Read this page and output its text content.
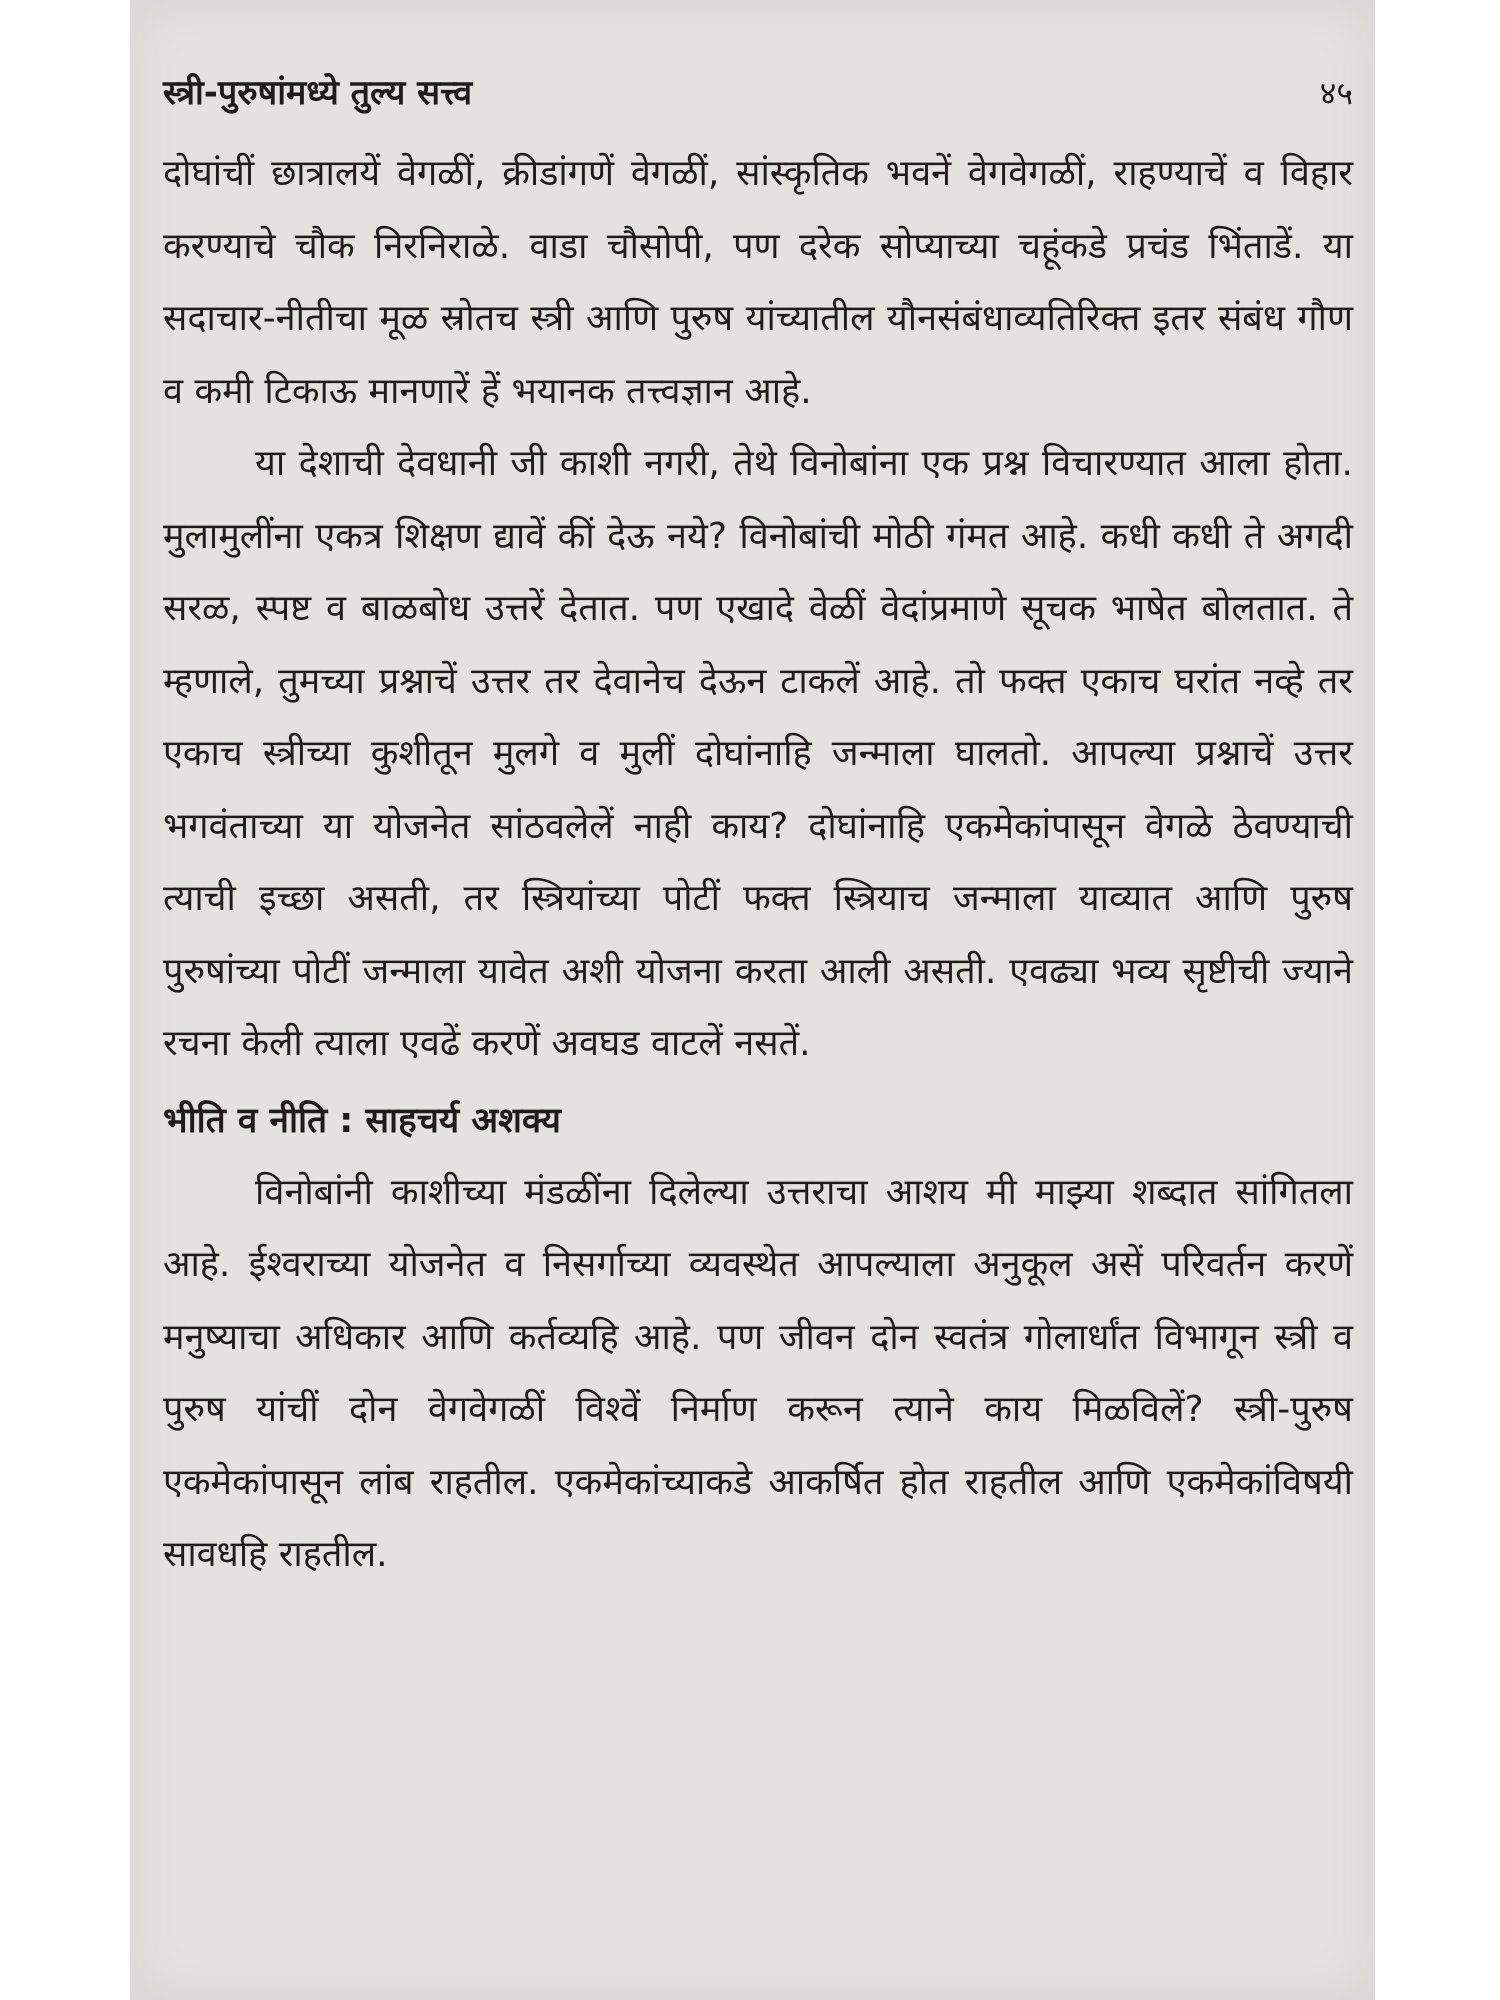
स्त्री-पुरुषांमध्ये तुल्य सत्त्व	४५

दोघांचीं छात्रालयें वेगळीं, क्रीडांगणें वेगळीं, सांस्कृतिक भवनें वेगवेगळीं, राहण्याचें व विहार करण्याचे चौक निरनिराळे. वाडा चौसोपी, पण दरेक सोप्याच्या चहूंकडे प्रचंड भिंताडें. या सदाचार-नीतीचा मूळ स्रोतच स्त्री आणि पुरुष यांच्यातील यौनसंबंधाव्यतिरिक्त इतर संबंध गौण व कमी टिकाऊ मानणारें हें भयानक तत्त्वज्ञान आहे.

या देशाची देवधानी जी काशी नगरी, तेथे विनोबांना एक प्रश्न विचारण्यात आला होता. मुलामुलींना एकत्र शिक्षण द्यावें कीं देऊ नये? विनोबांची मोठी गंमत आहे. कधी कधी ते अगदी सरळ, स्पष्ट व बाळबोध उत्तरें देतात. पण एखादे वेळीं वेदांप्रमाणे सूचक भाषेत बोलतात. ते म्हणाले, तुमच्या प्रश्नाचें उत्तर तर देवानेच देऊन टाकलें आहे. तो फक्त एकाच घरांत नव्हे तर एकाच स्त्रीच्या कुशीतून मुलगे व मुलीं दोघांनाहि जन्माला घालतो. आपल्या प्रश्नाचें उत्तर भगवंताच्या या योजनेत सांठवलेलें नाही काय? दोघांनाहि एकमेकांपासून वेगळे ठेवण्याची त्याची इच्छा असती, तर स्त्रियांच्या पोटीं फक्त स्त्रियाच जन्माला याव्यात आणि पुरुष पुरुषांच्या पोटीं जन्माला यावेत अशी योजना करता आली असती. एवढ्या भव्य सृष्टीची ज्याने रचना केली त्याला एवढें करणें अवघड वाटलें नसतें.

भीति व नीति : साहचर्य अशक्य

विनोबांनी काशीच्या मंडळींना दिलेल्या उत्तराचा आशय मी माझ्या शब्दात सांगितला आहे. ईश्वराच्या योजनेत व निसर्गाच्या व्यवस्थेत आपल्याला अनुकूल असें परिवर्तन करणें मनुष्याचा अधिकार आणि कर्तव्यहि आहे. पण जीवन दोन स्वतंत्र गोलार्धांत विभागून स्त्री व पुरुष यांचीं दोन वेगवेगळीं विश्वें निर्माण करून त्याने काय मिळविलें? स्त्री-पुरुष एकमेकांपासून लांब राहतील. एकमेकांच्याकडे आकर्षित होत राहतील आणि एकमेकांविषयी सावधहि राहतील.
